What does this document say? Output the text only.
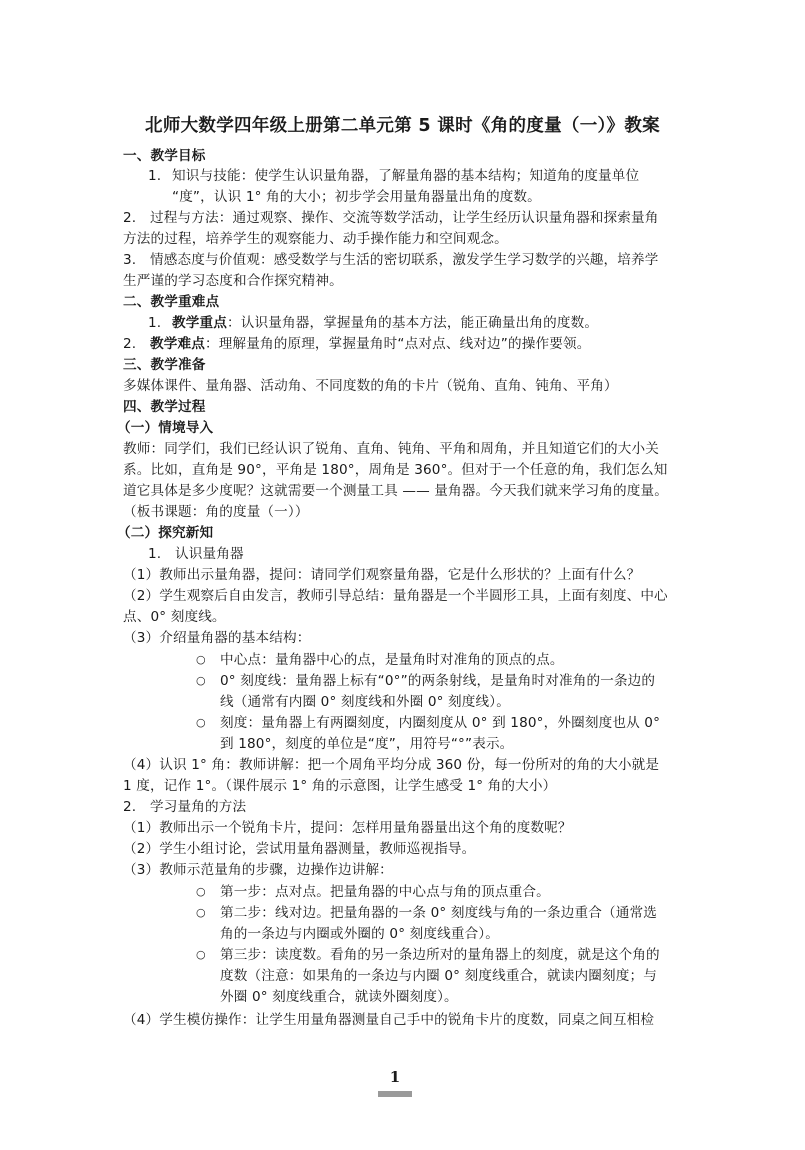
北师大数学四年级上册第二单元第 5 课时《角的度量（一）》教案
一、教学目标
1. 知识与技能：使学生认识量角器，了解量角器的基本结构；知道角的度量单位
“度”，认识 1° 角的大小；初步学会用量角器量出角的度数。
2.　过程与方法：通过观察、操作、交流等数学活动，让学生经历认识量角器和探索量角
方法的过程，培养学生的观察能力、动手操作能力和空间观念。
3.　情感态度与价值观：感受数学与生活的密切联系，激发学生学习数学的兴趣，培养学
生严谨的学习态度和合作探究精神。
二、教学重难点
1. 教学重点：认识量角器，掌握量角的基本方法，能正确量出角的度数。
2. 教学难点：理解量角的原理，掌握量角时“点对点、线对边”的操作要领。
三、教学准备
多媒体课件、量角器、活动角、不同度数的角的卡片（锐角、直角、钝角、平角）
四、教学过程
（一）情境导入
教师：同学们，我们已经认识了锐角、直角、钝角、平角和周角，并且知道它们的大小关
系。比如，直角是 90°，平角是 180°，周角是 360°。但对于一个任意的角，我们怎么知
道它具体是多少度呢？这就需要一个测量工具 —— 量角器。今天我们就来学习角的度量。
（板书课题：角的度量（一））
（二）探究新知
1.　认识量角器
（1）教师出示量角器，提问：请同学们观察量角器，它是什么形状的？上面有什么？
（2）学生观察后自由发言，教师引导总结：量角器是一个半圆形工具，上面有刻度、中心
点、0° 刻度线。
（3）介绍量角器的基本结构：
○ 中心点：量角器中心的点，是量角时对准角的顶点的点。
○ 0° 刻度线：量角器上标有“0°”的两条射线，是量角时对准角的一条边的
线（通常有内圈 0° 刻度线和外圈 0° 刻度线）。
○ 刻度：量角器上有两圈刻度，内圈刻度从 0° 到 180°，外圈刻度也从 0°
到 180°，刻度的单位是“度”，用符号“°”表示。
（4）认识 1° 角：教师讲解：把一个周角平均分成 360 份，每一份所对的角的大小就是
1 度，记作 1°。（课件展示 1° 角的示意图，让学生感受 1° 角的大小）
2.　学习量角的方法
（1）教师出示一个锐角卡片，提问：怎样用量角器量出这个角的度数呢？
（2）学生小组讨论，尝试用量角器测量，教师巡视指导。
（3）教师示范量角的步骤，边操作边讲解：
○ 第一步：点对点。把量角器的中心点与角的顶点重合。
○ 第二步：线对边。把量角器的一条 0° 刻度线与角的一条边重合（通常选
角的一条边与内圈或外圈的 0° 刻度线重合）。
○ 第三步：读度数。看角的另一条边所对的量角器上的刻度，就是这个角的
度数（注意：如果角的一条边与内圈 0° 刻度线重合，就读内圈刻度；与
外圈 0° 刻度线重合，就读外圈刻度）。
（4）学生模仿操作：让学生用量角器测量自己手中的锐角卡片的度数，同桌之间互相检
1
